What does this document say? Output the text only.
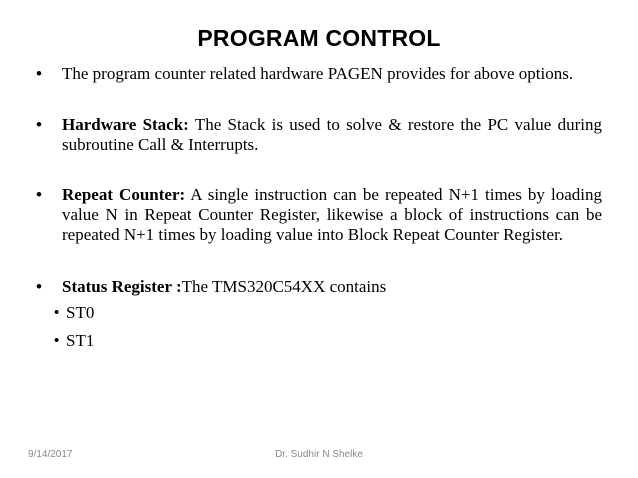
PROGRAM CONTROL
• The program counter related hardware PAGEN provides for above options.
• Hardware Stack: The Stack is used to solve & restore the PC value during subroutine Call & Interrupts.
• Repeat Counter: A single instruction can be repeated N+1 times by loading value N in Repeat Counter Register, likewise a block of instructions can be repeated N+1 times by loading value into Block Repeat Counter Register.
• Status Register :The TMS320C54XX contains
• ST0
• ST1
9/14/2017	Dr. Sudhir N Shelke
